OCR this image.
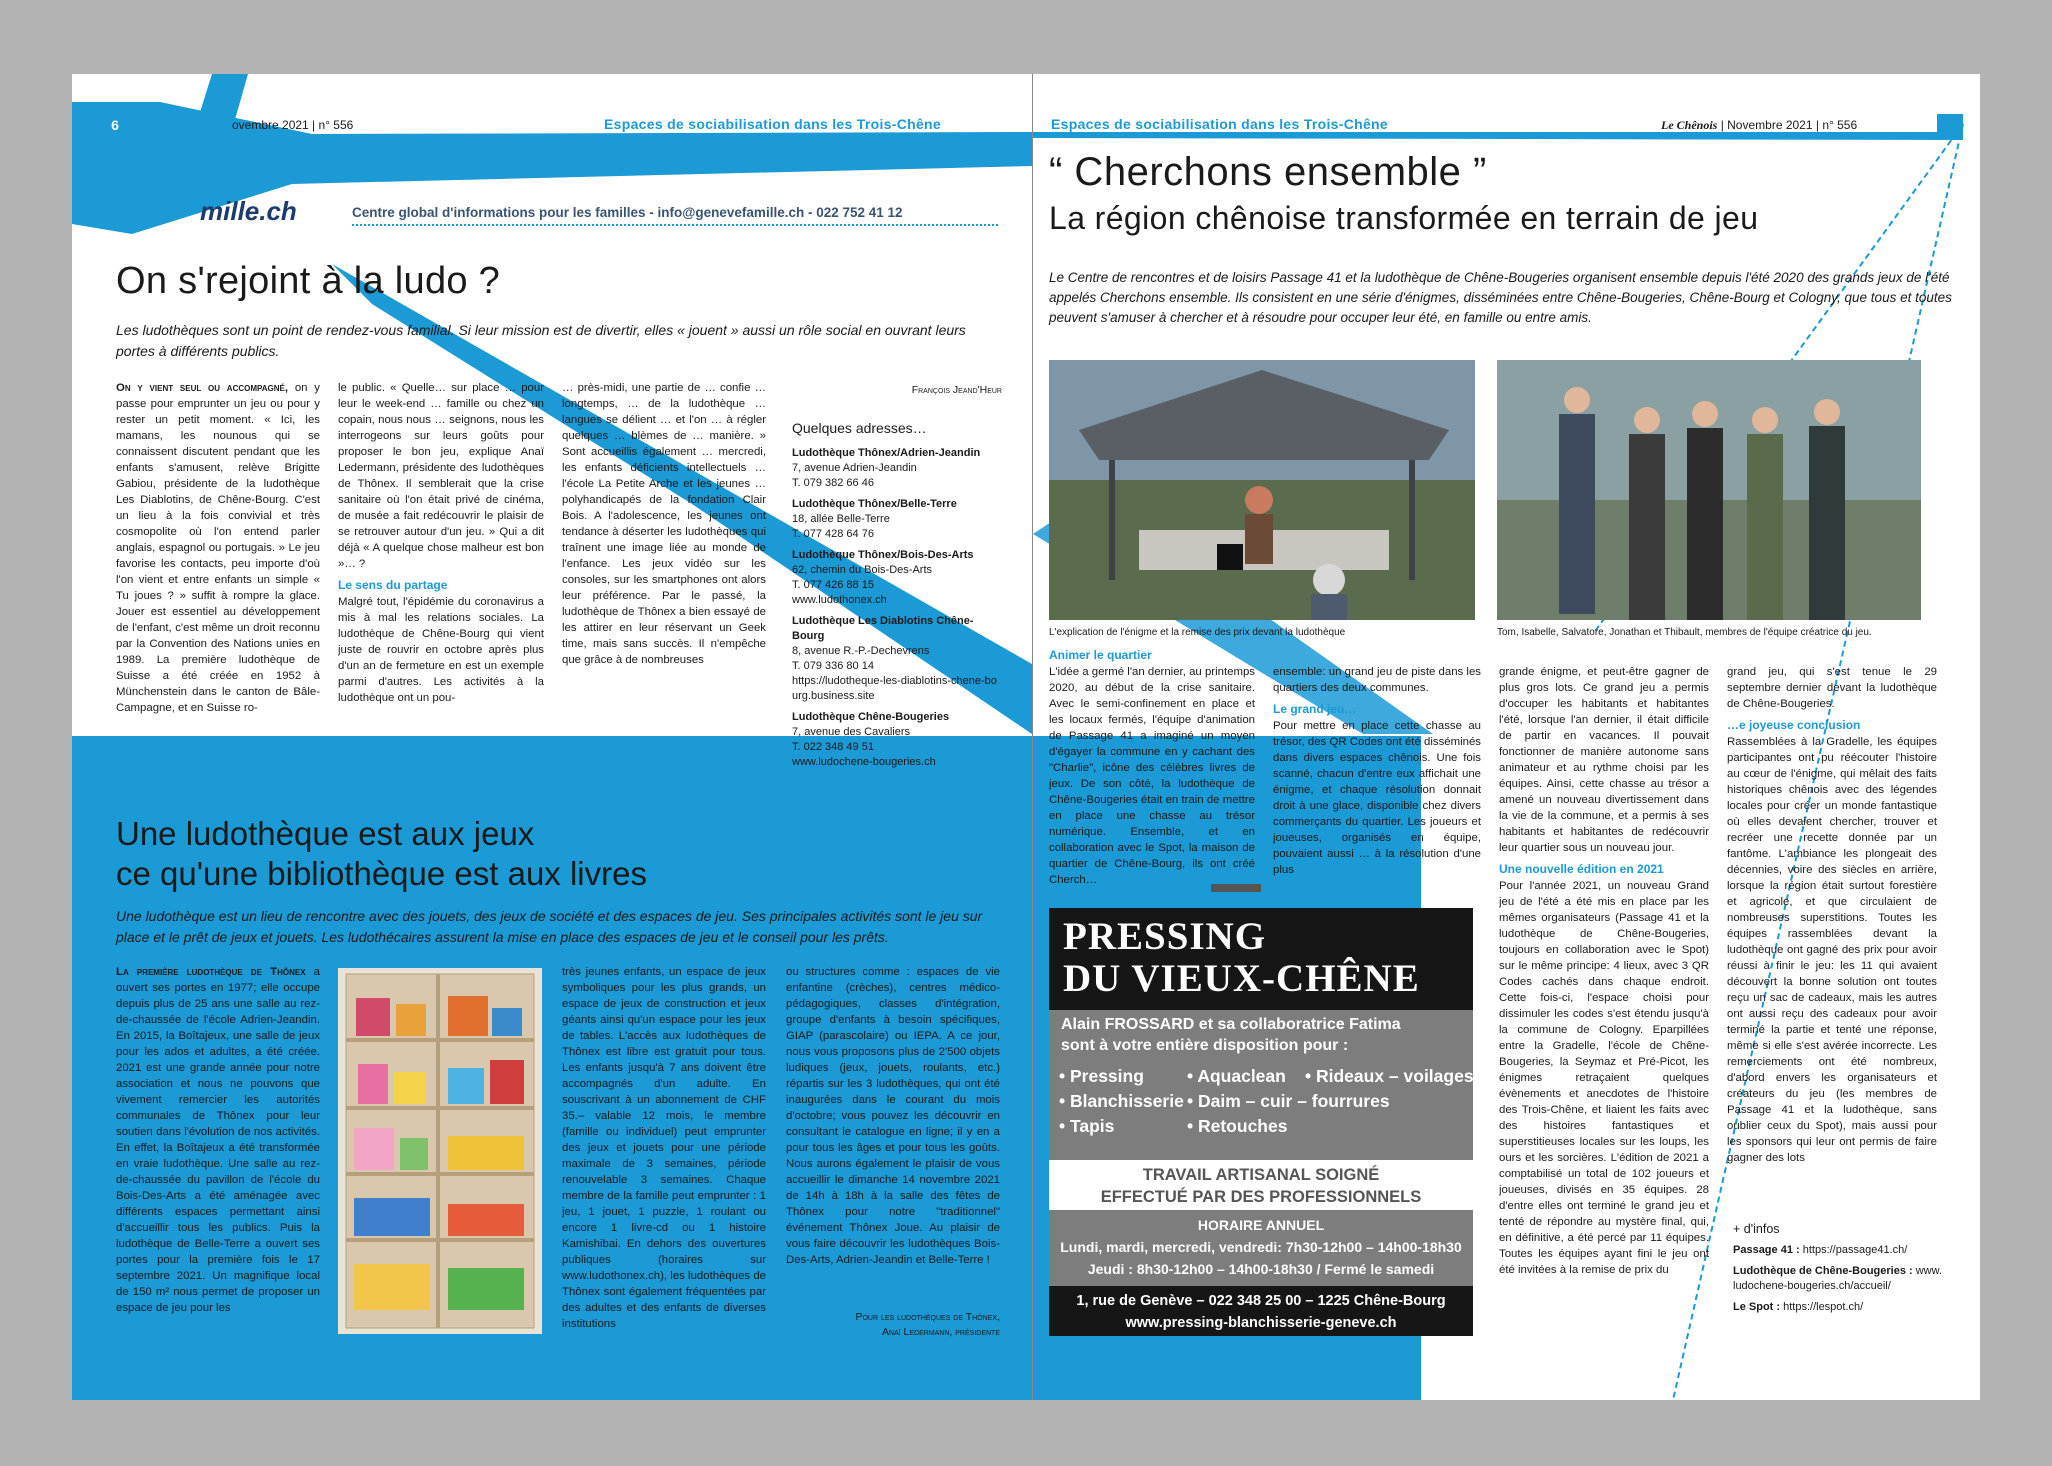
6	ovembre 2021 | n° 556	Espaces de sociabilisation dans les Trois-Chêne
mille.ch	Centre global d'informations pour les familles - info@genevefamille.ch - 022 752 41 12
On s'rejoint à la ludo ?
Les ludothèques sont un point de rendez-vous familial. Si leur mission est de divertir, elles « jouent » aussi un rôle social en ouvrant leurs portes à différents publics.
On y vient seul ou accompagné, on y passe pour emprunter un jeu ou pour y rester un petit moment. « Ici, les mamans, les nounous qui se connaissent discutent pendant que les enfants s'amusent, relève Brigitte Gabiou, présidente de la ludothèque Les Diablotins, de Chêne-Bourg. C'est un lieu à la fois convivial et très cosmopolite où l'on entend parler anglais, espagnol ou portugais. » Le jeu favorise les contacts, peu importe d'où l'on vient et entre enfants un simple « Tu joues ? » suffit à rompre la glace. Jouer est essentiel au développement de l'enfant, c'est même un droit reconnu par la Convention des Nations unies en 1989. La première ludothèque de Suisse a été créée en 1952 à Münchenstein dans le canton de Bâle-Campagne, et en Suisse ro-

le public. « Quelle… sur place … pour leur le week-end … famille ou chez un copain, nous nous … seignons, nous les interrogeons sur leurs goûts pour proposer le bon jeu, explique Anaï Ledermann, présidente des ludothèques de Thônex. Il semblerait que la crise sanitaire où l'on était privé de cinéma, de musée a fait redécouvrir le plaisir de se retrouver autour d'un jeu. » Qui a dit déjà « A quelque chose malheur est bon »… ?

Le sens du partage

Malgré tout, l'épidémie du coronavirus a mis à mal les relations sociales. La ludothèque de Chêne-Bourg qui vient juste de rouvrir en octobre après plus d'un an de fermeture en est un exemple parmi d'autres. Les activités à la ludothèque ont un pou-

… près-midi, une partie de … confie … longtemps, … de la ludothèque … langues se délient … et l'on … à régler quelques … blèmes de … manière. » Sont accueillis également … mercredi, les enfants déficients intellectuels … l'école La Petite Arche et les jeunes … polyhandicapés de la fondation Clair Bois. A l'adolescence, les jeunes ont tendance à déserter les ludothèques qui traînent une image liée au monde de l'enfance. Les jeux vidéo sur les consoles, sur les smartphones ont alors leur préférence. Par le passé, la ludothèque de Thônex a bien essayé de les attirer en leur réservant un Geek time, mais sans succès. Il n'empêche que grâce à de nombreuses

François Jeand'Heur
Quelques adresses…
Ludothèque Thônex/Adrien-Jeandin
7, avenue Adrien-Jeandin
T. 079 382 66 46
Ludothèque Thônex/Belle-Terre
18, allée Belle-Terre
T. 077 428 64 76
Ludothèque Thônex/Bois-Des-Arts
62, chemin du Bois-Des-Arts
T. 077 426 88 15
www.ludothonex.ch
Ludothèque Les Diablotins Chêne-Bourg
8, avenue R.-P.-Dechevrens
T. 079 336 80 14
https://ludotheque-les-diablotins-chene-bourg.business.site
Ludothèque Chêne-Bougeries
7, avenue des Cavaliers
T. 022 348 49 51
www.ludochene-bougeries.ch
Une ludothèque est aux jeux
ce qu'une bibliothèque est aux livres
Une ludothèque est un lieu de rencontre avec des jouets, des jeux de société et des espaces de jeu. Ses principales activités sont le jeu sur place et le prêt de jeux et jouets. Les ludothécaires assurent la mise en place des espaces de jeu et le conseil pour les prêts.
La première ludothèque de Thônex a ouvert ses portes en 1977; elle occupe depuis plus de 25 ans une salle au rez-de-chaussée de l'école Adrien-Jeandin. En 2015, la Boîtajeux, une salle de jeux pour les ados et adultes, a été créée. 2021 est une grande année pour notre association et nous ne pouvons que vivement remercier les autorités communales de Thônex pour leur soutien dans l'évolution de nos activités. En effet, la Boîtajeux a été transformée en vraie ludothèque. Une salle au rez-de-chaussée du pavillon de l'école du Bois-Des-Arts a été aménagée avec différents espaces permettant ainsi d'accueillir tous les publics. Puis la ludothèque de Belle-Terre a ouvert ses portes pour la première fois le 17 septembre 2021. Un magnifique local de 150 m² nous permet de proposer un espace de jeu pour les

très jeunes enfants, un espace de jeux symboliques pour les plus grands, un espace de jeux de construction et jeux géants ainsi qu'un espace pour les jeux de tables. L'accès aux ludothèques de Thônex est libre est gratuit pour tous. Les enfants jusqu'à 7 ans doivent être accompagnés d'un adulte. En souscrivant à un abonnement de CHF 35.– valable 12 mois, le membre (famille ou individuel) peut emprunter des jeux et jouets pour une période maximale de 3 semaines, période renouvelable 3 semaines. Chaque membre de la famille peut emprunter : 1 jeu, 1 jouet, 1 puzzle, 1 roulant ou encore 1 livre-cd ou 1 histoire Kamishibai. En dehors des ouvertures publiques (horaires sur www.ludothonex.ch), les ludothèques de Thônex sont également fréquentées par des adultes et des enfants de diverses institutions

ou structures comme : espaces de vie enfantine (crèches), centres médico-pédagogiques, classes d'intégration, groupe d'enfants à besoin spécifiques, GIAP (parascolaire) ou IEPA. A ce jour, nous vous proposons plus de 2'500 objets ludiques (jeux, jouets, roulants, etc.) répartis sur les 3 ludothèques, qui ont été inaugurées dans le courant du mois d'octobre; vous pouvez les découvrir en consultant le catalogue en ligne; il y en a pour tous les âges et pour tous les goûts. Nous aurons également le plaisir de vous accueillir le dimanche 14 novembre 2021 de 14h à 18h à la salle des fêtes de Thônex pour notre "traditionnel" événement Thônex Joue. Au plaisir de vous faire découvrir les ludothèques Bois-Des-Arts, Adrien-Jeandin et Belle-Terre !

Pour les ludothèques de Thônex,
Anaï Ledermann, présidente
Espaces de sociabilisation dans les Trois-Chêne	Le Chênois | Novembre 2021 | n° 556
“ Cherchons ensemble ”
La région chênoise transformée en terrain de jeu
Le Centre de rencontres et de loisirs Passage 41 et la ludothèque de Chêne-Bougeries organisent ensemble depuis l'été 2020 des grands jeux de l'été appelés Cherchons ensemble. Ils consistent en une série d'énigmes, disséminées entre Chêne-Bougeries, Chêne-Bourg et Cologny, que tous et toutes peuvent s'amuser à chercher et à résoudre pour occuper leur été, en famille ou entre amis.
L'explication de l'énigme et la remise des prix devant la ludothèque	Tom, Isabelle, Salvatore, Jonathan et Thibault, membres de l'équipe créatrice du jeu.
Animer le quartier

L'idée a germé l'an dernier, au printemps 2020, au début de la crise sanitaire. Avec le semi-confinement en place et les locaux fermés, l'équipe d'animation de Passage 41 a imaginé un moyen d'égayer la commune en y cachant des "Charlie", icône des célèbres livres de jeux. De son côté, la ludothèque de Chêne-Bougeries était en train de mettre en place une chasse au trésor numérique. Ensemble, et en collaboration avec le Spot, la maison de quartier de Chêne-Bourg, ils ont créé Cherch…

ensemble: un grand jeu de piste dans les quartiers des deux communes.

Le grand jeu…

Pour mettre en place cette chasse au trésor, des QR Codes ont été disséminés dans divers espaces chênois. Une fois scanné, chacun d'entre eux affichait une énigme, et chaque résolution donnait droit à une glace, disponible chez divers commerçants du quartier. Les joueurs et joueuses, organisés en équipe, pouvaient aussi … à la résolution d'une plus

grande énigme, et peut-être gagner de plus gros lots. Ce grand jeu a permis d'occuper les habitants et habitantes l'été, lorsque l'an dernier, il était difficile de partir en vacances. Il pouvait fonctionner de manière autonome sans animateur et au rythme choisi par les équipes. Ainsi, cette chasse au trésor a amené un nouveau divertissement dans la vie de la commune, et a permis à ses habitants et habitantes de redécouvrir leur quartier sous un nouveau jour.

Une nouvelle édition en 2021

Pour l'année 2021, un nouveau Grand jeu de l'été a été mis en place par les mêmes organisateurs (Passage 41 et la ludothèque de Chêne-Bougeries, toujours en collaboration avec le Spot) sur le même principe: 4 lieux, avec 3 QR Codes cachés dans chaque endroit. Cette fois-ci, l'espace choisi pour dissimuler les codes s'est étendu jusqu'à la commune de Cologny. Eparpillées entre la Gradelle, l'école de Chêne-Bougeries, la Seymaz et Pré-Picot, les énigmes retraçaient quelques évènements et anecdotes de l'histoire des Trois-Chêne, et liaient les faits avec des histoires fantastiques et superstitieuses locales sur les loups, les ours et les sorcières. L'édition de 2021 a comptabilisé un total de 102 joueurs et joueuses, divisés en 35 équipes. 28 d'entre elles ont terminé le grand jeu et tenté de répondre au mystère final, qui, en définitive, a été percé par 11 équipes. Toutes les équipes ayant fini le jeu ont été invitées à la remise de prix du

grand jeu, qui s'est tenue le 29 septembre dernier devant la ludothèque de Chêne-Bougeries.

…e joyeuse conclusion

Rassemblées à la Gradelle, les équipes participantes ont pu réécouter l'histoire au cœur de l'énigme, qui mêlait des faits historiques chênois avec des légendes locales pour créer un monde fantastique où elles devaient chercher, trouver et recréer une recette donnée par un fantôme. L'ambiance les plongeait des décennies, voire des siècles en arrière, lorsque la région était surtout forestière et agricole, et que circulaient de nombreuses superstitions. Toutes les équipes rassemblées devant la ludothèque ont gagné des prix pour avoir réussi à finir le jeu: les 11 qui avaient découvert la bonne solution ont toutes reçu un sac de cadeaux, mais les autres ont aussi reçu des cadeaux pour avoir terminé la partie et tenté une réponse, même si elle s'est avérée incorrecte. Les remerciements ont été nombreux, d'abord envers les organisateurs et créateurs du jeu (les membres de Passage 41 et la ludothèque, sans oublier ceux du Spot), mais aussi pour les sponsors qui leur ont permis de faire gagner des lots

+ d'infos
Passage 41 : https://passage41.ch/
Ludothèque de Chêne-Bougeries : www.ludochene-bougeries.ch/accueil/
Le Spot : https://lespot.ch/
PRESSING
DU VIEUX-CHÊNE
Alain FROSSARD et sa collaboratrice Fatima
sont à votre entière disposition pour :
• Pressing	• Aquaclean	• Rideaux – voilages
• Blanchisserie • Daim – cuir – fourrures
• Tapis	• Retouches
TRAVAIL ARTISANAL SOIGNÉ
EFFECTUÉ PAR DES PROFESSIONNELS
HORAIRE ANNUEL
Lundi, mardi, mercredi, vendredi: 7h30-12h00 – 14h00-18h30
Jeudi : 8h30-12h00 – 14h00-18h30 / Fermé le samedi
1, rue de Genève – 022 348 25 00 – 1225 Chêne-Bourg
www.pressing-blanchisserie-geneve.ch
